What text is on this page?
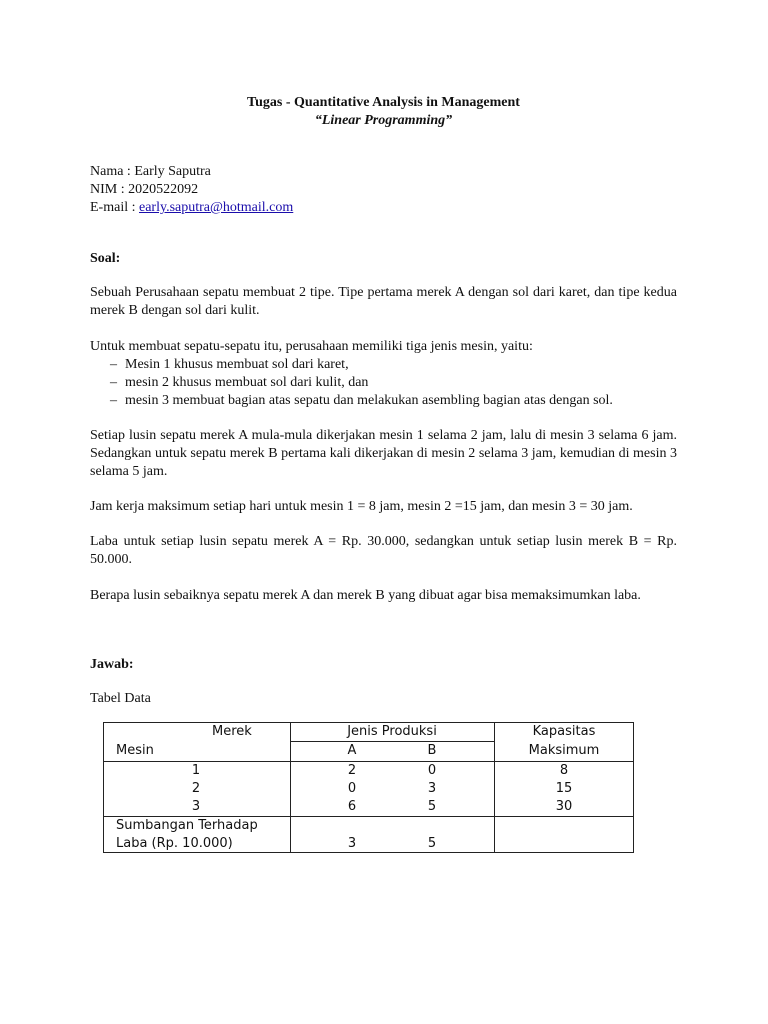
Tugas - Quantitative Analysis in Management
“Linear Programming”
Nama : Early Saputra
NIM : 2020522092
E-mail : early.saputra@hotmail.com
Soal:
Sebuah Perusahaan sepatu membuat 2 tipe. Tipe pertama merek A dengan sol dari karet, dan tipe kedua merek B dengan sol dari kulit.
Untuk membuat sepatu-sepatu itu, perusahaan memiliki tiga jenis mesin, yaitu:
– Mesin 1 khusus membuat sol dari karet,
– mesin 2 khusus membuat sol dari kulit, dan
– mesin 3 membuat bagian atas sepatu dan melakukan asembling bagian atas dengan sol.
Setiap lusin sepatu merek A mula-mula dikerjakan mesin 1 selama 2 jam, lalu di mesin 3 selama 6 jam. Sedangkan untuk sepatu merek B pertama kali dikerjakan di mesin 2 selama 3 jam, kemudian di mesin 3 selama 5 jam.
Jam kerja maksimum setiap hari untuk mesin 1 = 8 jam, mesin 2 =15 jam, dan mesin 3 = 30 jam.
Laba untuk setiap lusin sepatu merek A = Rp. 30.000, sedangkan untuk setiap lusin merek B = Rp. 50.000.
Berapa lusin sebaiknya sepatu merek A dan merek B yang dibuat agar bisa memaksimumkan laba.
Jawab:
Tabel Data
Merek
Mesin
Jenis Produksi
A	B
Kapasitas
Maksimum
1	2	0	8
2	0	3	15
3	6	5	30
Sumbangan Terhadap
Laba (Rp. 10.000)	3	5
